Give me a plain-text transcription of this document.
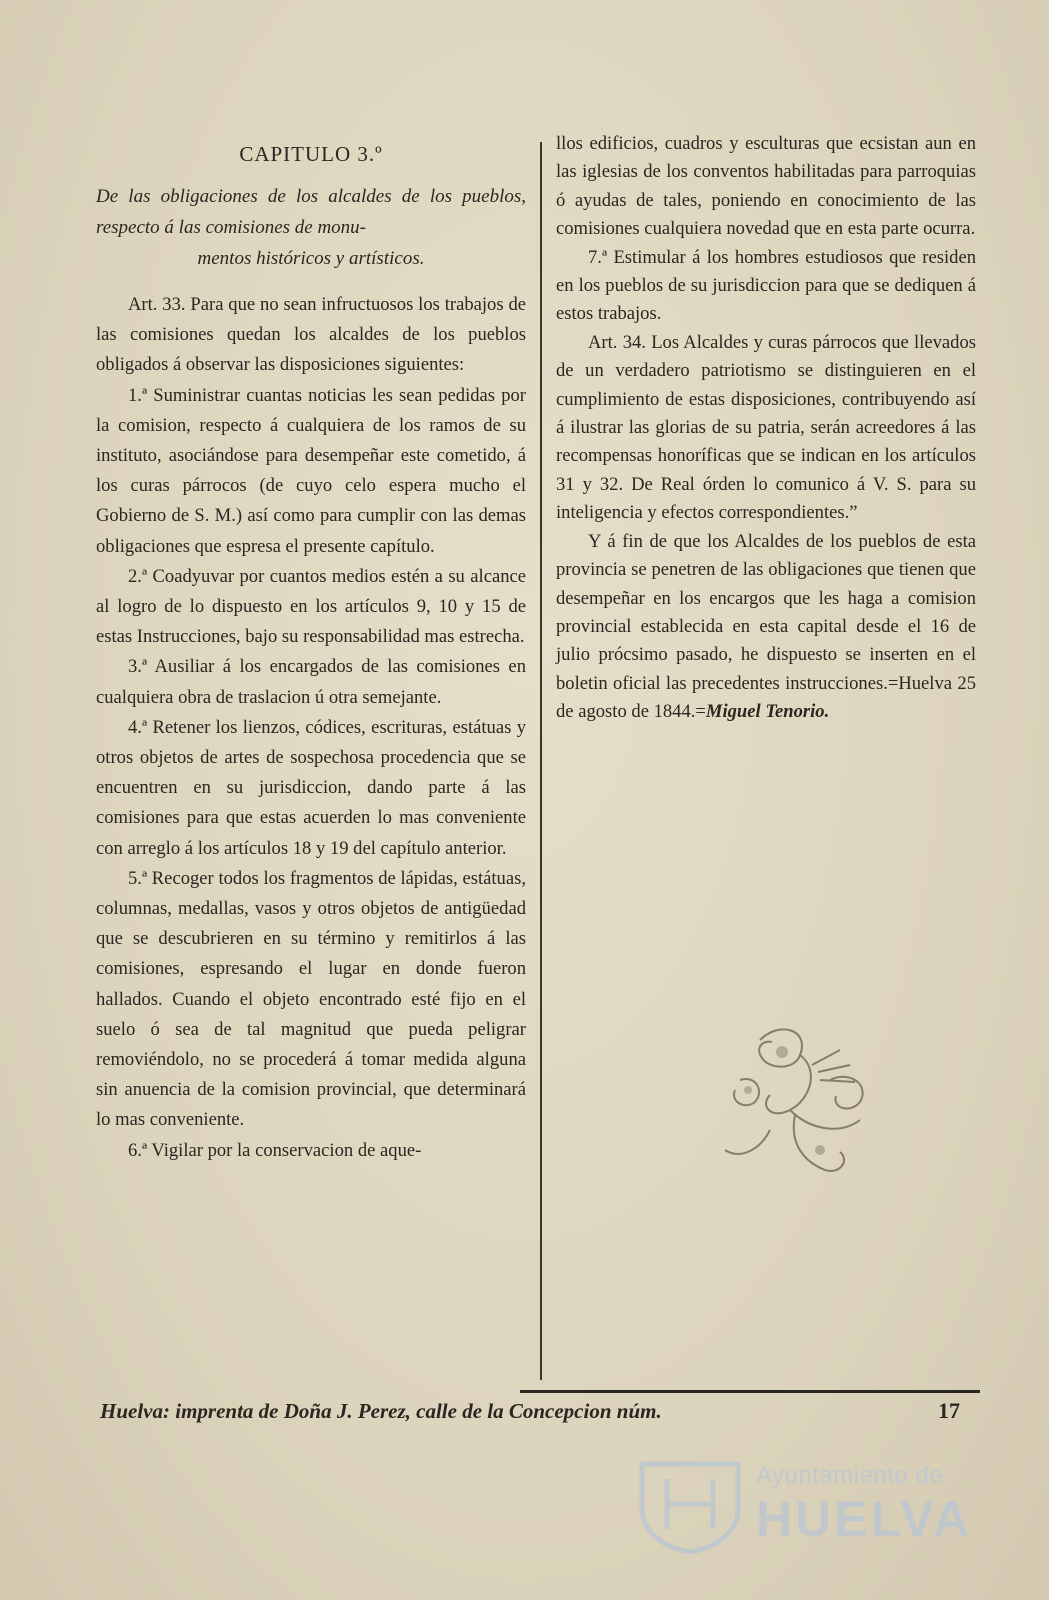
CAPITULO 3.º
De las obligaciones de los alcaldes de los pueblos, respecto á las comisiones de monu-
mentos históricos y artísticos.

Art. 33. Para que no sean infructuosos los trabajos de las comisiones quedan los alcaldes de los pueblos obligados á observar las disposiciones siguientes:

1.ª Suministrar cuantas noticias les sean pedidas por la comision, respecto á cualquiera de los ramos de su instituto, asociándose para desempeñar este cometido, á los curas párrocos (de cuyo celo espera mucho el Gobierno de S. M.) así como para cumplir con las demas obligaciones que espresa el presente capítulo.

2.ª Coadyuvar por cuantos medios estén a su alcance al logro de lo dispuesto en los artículos 9, 10 y 15 de estas Instrucciones, bajo su responsabilidad mas estrecha.

3.ª Ausiliar á los encargados de las comisiones en cualquiera obra de traslacion ú otra semejante.

4.ª Retener los lienzos, códices, escrituras, estátuas y otros objetos de artes de sospechosa procedencia que se encuentren en su jurisdiccion, dando parte á las comisiones para que estas acuerden lo mas conveniente con arreglo á los artículos 18 y 19 del capítulo anterior.

5.ª Recoger todos los fragmentos de lápidas, estátuas, columnas, medallas, vasos y otros objetos de antigüedad que se descubrieren en su término y remitirlos á las comisiones, espresando el lugar en donde fueron hallados. Cuando el objeto encontrado esté fijo en el suelo ó sea de tal magnitud que pueda peligrar removiéndolo, no se procederá á tomar medida alguna sin anuencia de la comision provincial, que determinará lo mas conveniente.

6.ª Vigilar por la conservacion de aque-

llos edificios, cuadros y esculturas que ecsistan aun en las iglesias de los conventos habilitadas para parroquias ó ayudas de tales, poniendo en conocimiento de las comisiones cualquiera novedad que en esta parte ocurra.

7.ª Estimular á los hombres estudiosos que residen en los pueblos de su jurisdiccion para que se dediquen á estos trabajos.

Art. 34. Los Alcaldes y curas párrocos que llevados de un verdadero patriotismo se distinguieren en el cumplimiento de estas disposiciones, contribuyendo así á ilustrar las glorias de su patria, serán acreedores á las recompensas honoríficas que se indican en los artículos 31 y 32. De Real órden lo comunico á V. S. para su inteligencia y efectos correspondientes.”

Y á fin de que los Alcaldes de los pueblos de esta provincia se penetren de las obligaciones que tienen que desempeñar en los encargos que les haga a comision provincial establecida en esta capital desde el 16 de julio prócsimo pasado, he dispuesto se inserten en el boletin oficial las precedentes instrucciones.=Huelva 25 de agosto de 1844.=Miguel Tenorio.

Huelva: imprenta de Doña J. Perez, calle de la Concepcion núm.	17
Ayuntamiento de
HUELVA
